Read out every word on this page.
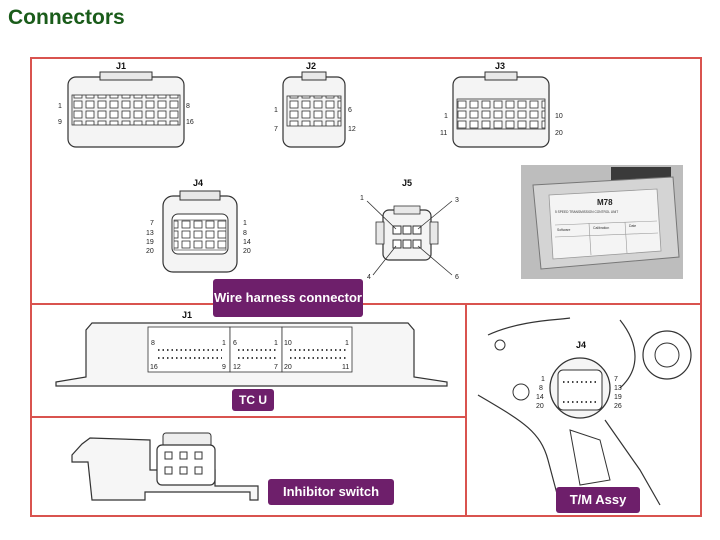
Connectors
J1
1	8
9	16
J2
1	6
7	12
J3
1	10
11	20
J4
7
13
19
20
1
8
14
20
J5
1	3
4	6
J1
8	1 6	1 10	1
16	9 12	7 20	11
J4
1
8
14
20
7
13
19
26
M78
5 SPEED TRANSMISSION CONTROL UNIT
Software	Calibration	Date
Wire harness connector
TC U
Inhibitor switch
T/M Assy
